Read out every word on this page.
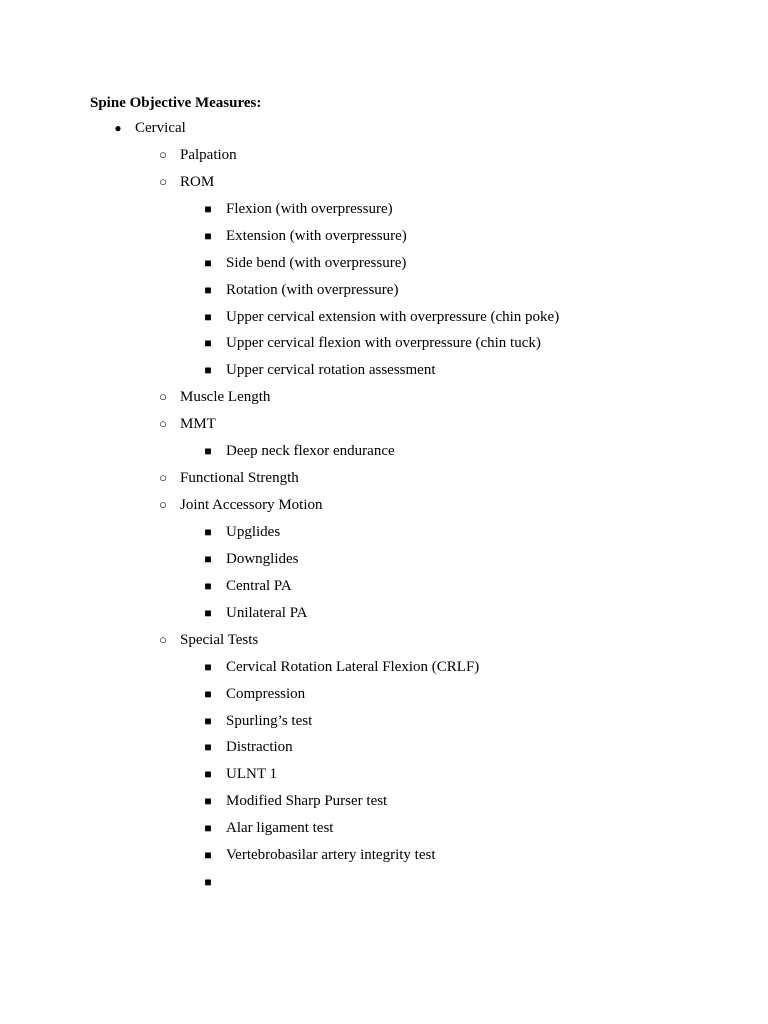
Spine Objective Measures:
● Cervical
○ Palpation
○ ROM
■ Flexion (with overpressure)
■ Extension (with overpressure)
■ Side bend (with overpressure)
■ Rotation (with overpressure)
■ Upper cervical extension with overpressure (chin poke)
■ Upper cervical flexion with overpressure (chin tuck)
■ Upper cervical rotation assessment
○ Muscle Length
○ MMT
■ Deep neck flexor endurance
○ Functional Strength
○ Joint Accessory Motion
■ Upglides
■ Downglides
■ Central PA
■ Unilateral PA
○ Special Tests
■ Cervical Rotation Lateral Flexion (CRLF)
■ Compression
■ Spurling’s test
■ Distraction
■ ULNT 1
■ Modified Sharp Purser test
■ Alar ligament test
■ Vertebrobasilar artery integrity test
■
